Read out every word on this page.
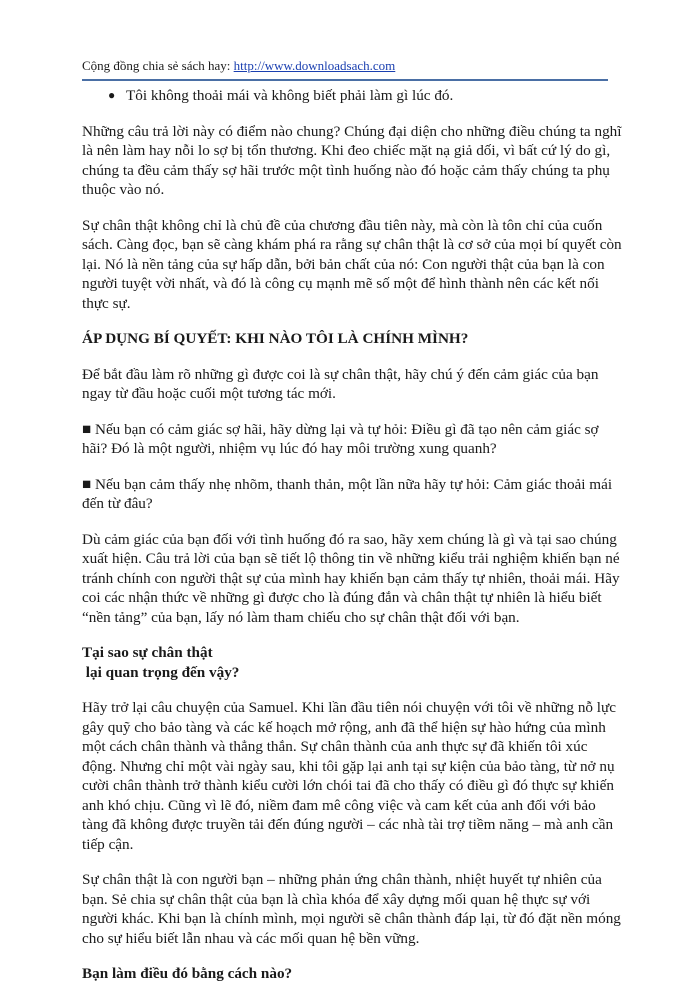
Cộng đồng chia sẻ sách hay: http://www.downloadsach.com
● Tôi không thoải mái và không biết phải làm gì lúc đó.

Những câu trả lời này có điểm nào chung? Chúng đại diện cho những điều chúng ta nghĩ là nên làm hay nỗi lo sợ bị tổn thương. Khi đeo chiếc mặt nạ giả dối, vì bất cứ lý do gì, chúng ta đều cảm thấy sợ hãi trước một tình huống nào đó hoặc cảm thấy chúng ta phụ thuộc vào nó.

Sự chân thật không chỉ là chủ đề của chương đầu tiên này, mà còn là tôn chỉ của cuốn sách. Càng đọc, bạn sẽ càng khám phá ra rằng sự chân thật là cơ sở của mọi bí quyết còn lại. Nó là nền tảng của sự hấp dẫn, bởi bản chất của nó: Con người thật của bạn là con người tuyệt vời nhất, và đó là công cụ mạnh mẽ số một để hình thành nên các kết nối thực sự.

ÁP DỤNG BÍ QUYẾT: KHI NÀO TÔI LÀ CHÍNH MÌNH?

Để bắt đầu làm rõ những gì được coi là sự chân thật, hãy chú ý đến cảm giác của bạn ngay từ đầu hoặc cuối một tương tác mới.

■ Nếu bạn có cảm giác sợ hãi, hãy dừng lại và tự hỏi: Điều gì đã tạo nên cảm giác sợ hãi? Đó là một người, nhiệm vụ lúc đó hay môi trường xung quanh?

■ Nếu bạn cảm thấy nhẹ nhõm, thanh thản, một lần nữa hãy tự hỏi: Cảm giác thoải mái đến từ đâu?

Dù cảm giác của bạn đối với tình huống đó ra sao, hãy xem chúng là gì và tại sao chúng xuất hiện. Câu trả lời của bạn sẽ tiết lộ thông tin về những kiểu trải nghiệm khiến bạn né tránh chính con người thật sự của mình hay khiến bạn cảm thấy tự nhiên, thoải mái. Hãy coi các nhận thức về những gì được cho là đúng đắn và chân thật tự nhiên là hiểu biết “nền tảng” của bạn, lấy nó làm tham chiếu cho sự chân thật đối với bạn.

Tại sao sự chân thật
lại quan trọng đến vậy?

Hãy trở lại câu chuyện của Samuel. Khi lần đầu tiên nói chuyện với tôi về những nỗ lực gây quỹ cho bảo tàng và các kế hoạch mở rộng, anh đã thể hiện sự hào hứng của mình một cách chân thành và thẳng thắn. Sự chân thành của anh thực sự đã khiến tôi xúc động. Nhưng chỉ một vài ngày sau, khi tôi gặp lại anh tại sự kiện của bảo tàng, từ nở nụ cười chân thành trở thành kiểu cười lớn chói tai đã cho thấy có điều gì đó thực sự khiến anh khó chịu. Cũng vì lẽ đó, niềm đam mê công việc và cam kết của anh đối với bảo tàng đã không được truyền tải đến đúng người – các nhà tài trợ tiềm năng – mà anh cần tiếp cận.

Sự chân thật là con người bạn – những phản ứng chân thành, nhiệt huyết tự nhiên của bạn. Sẻ chia sự chân thật của bạn là chìa khóa để xây dựng mối quan hệ thực sự với người khác. Khi bạn là chính mình, mọi người sẽ chân thành đáp lại, từ đó đặt nền móng cho sự hiểu biết lẫn nhau và các mối quan hệ bền vững.

Bạn làm điều đó bằng cách nào?
